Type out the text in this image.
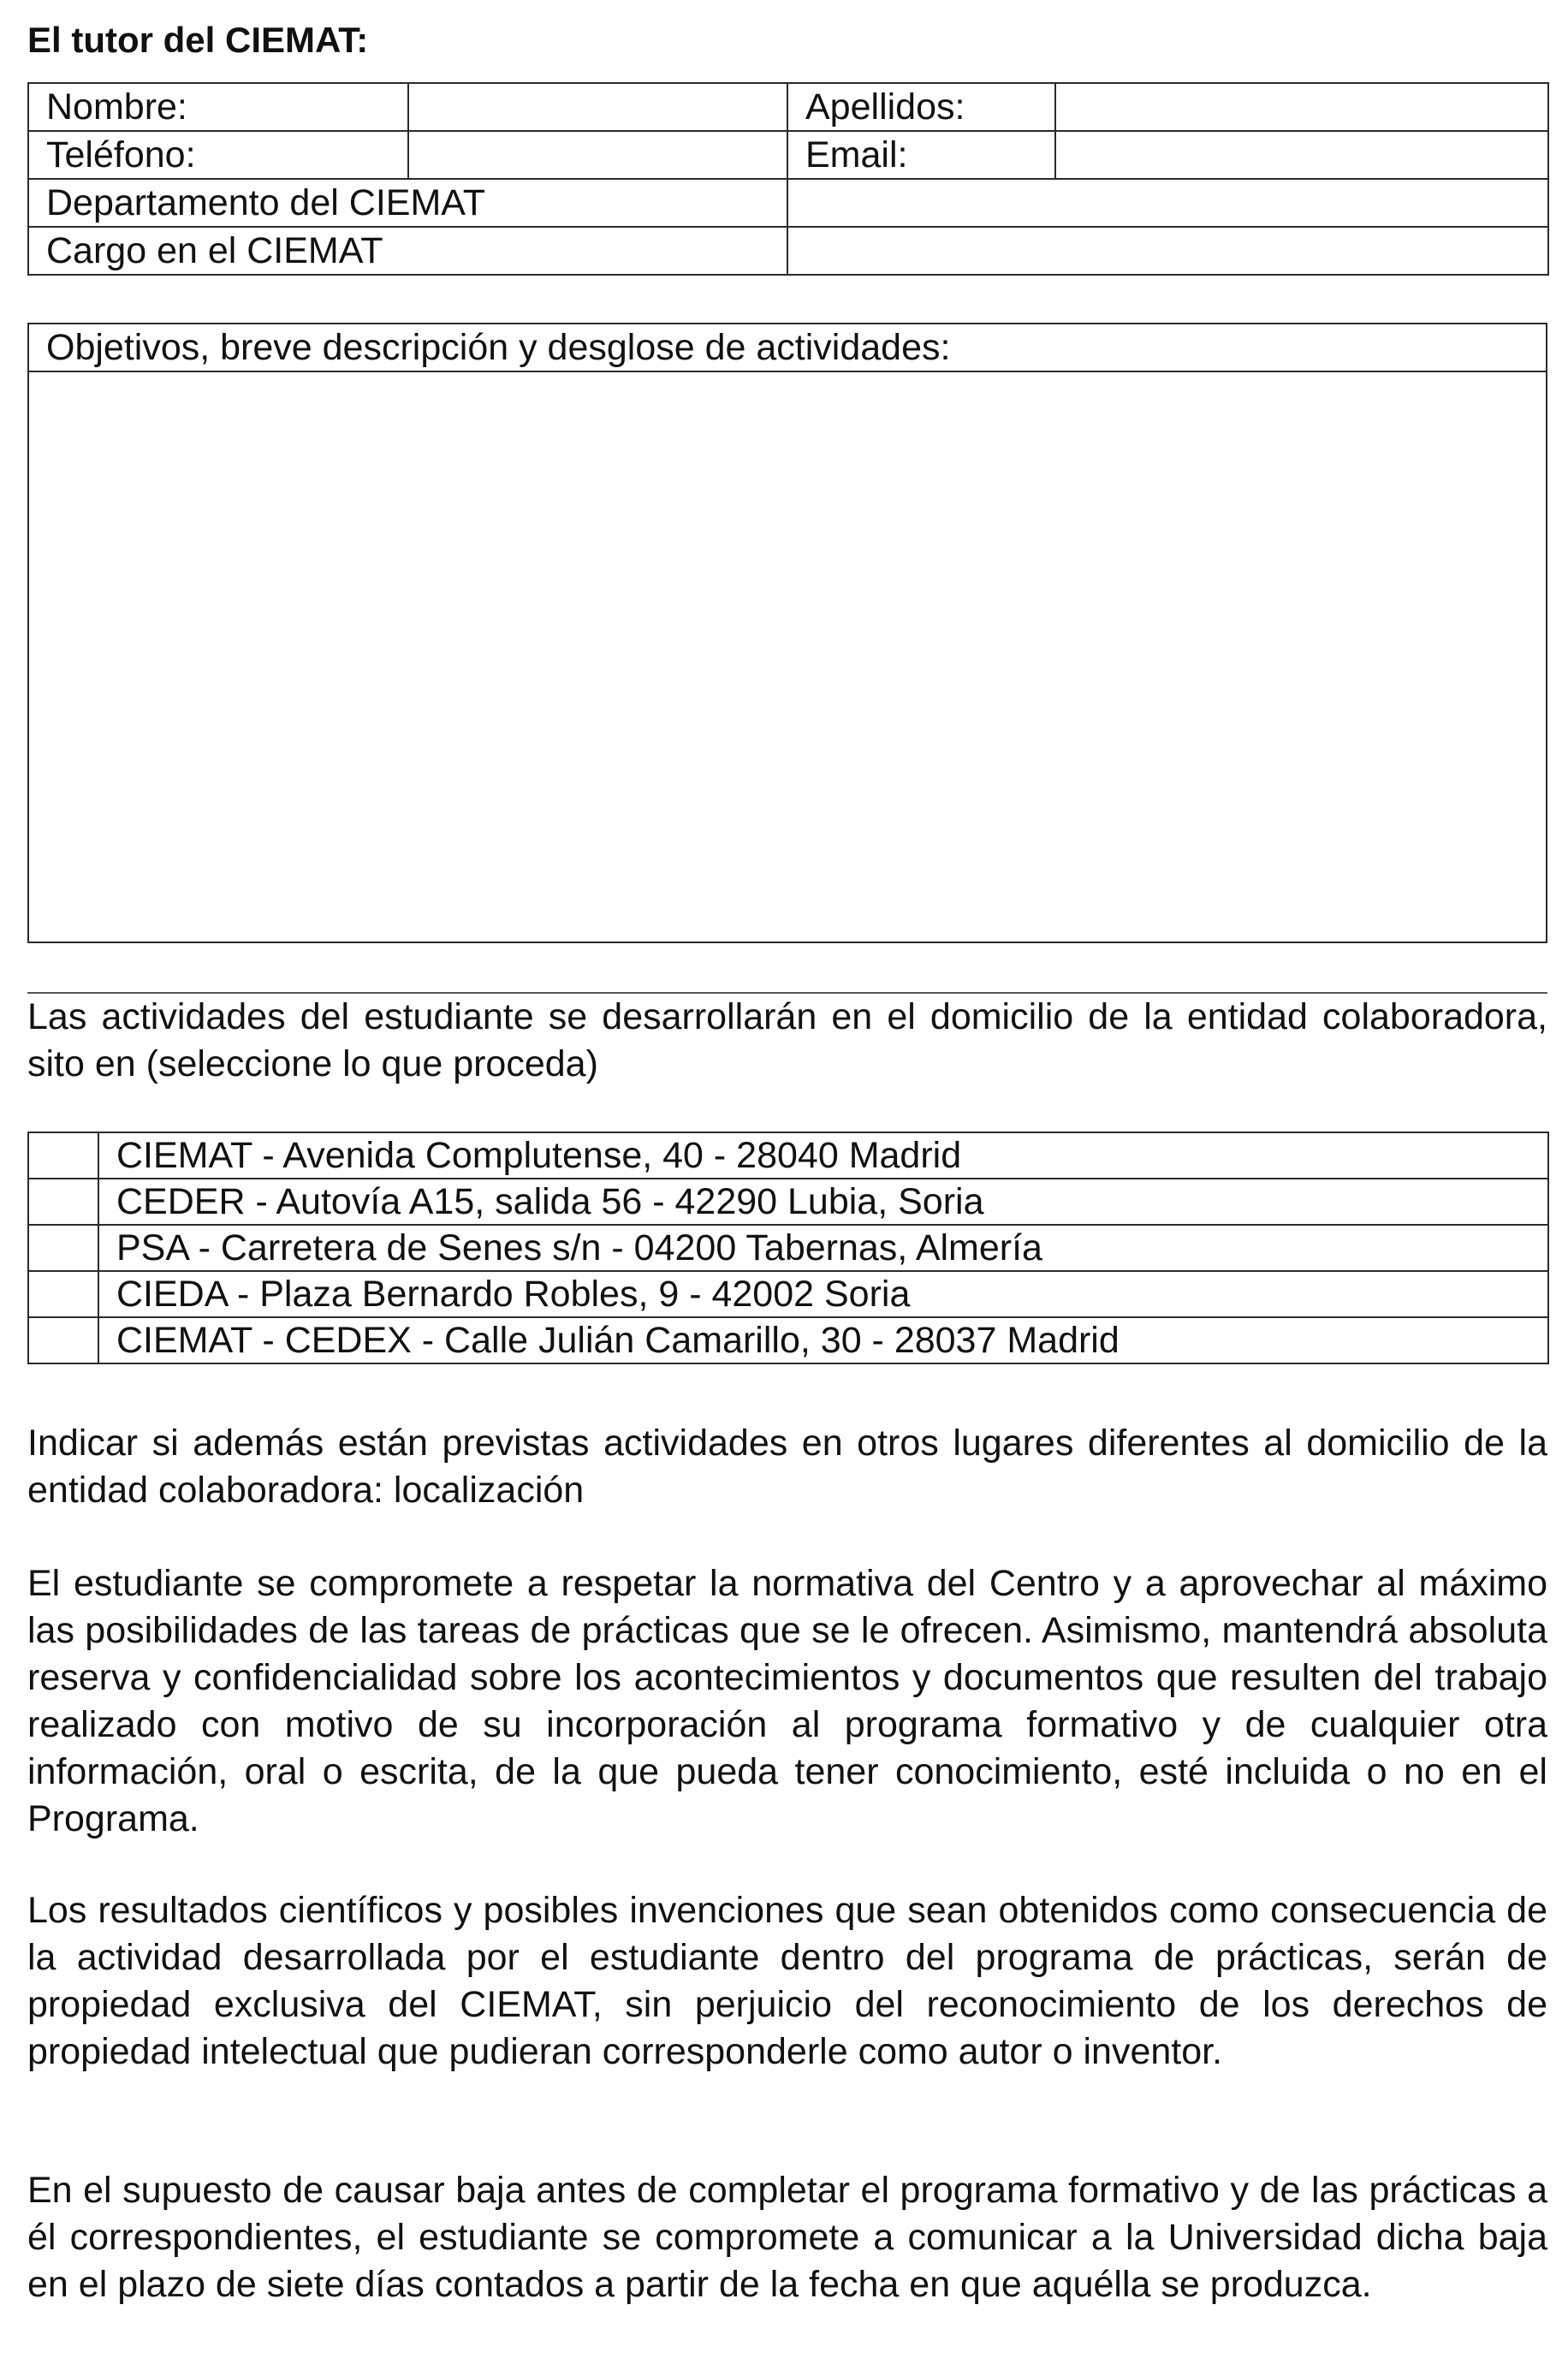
El tutor del CIEMAT:
Nombre:		Apellidos:	
Teléfono:		Email:	
Departamento del CIEMAT			
Cargo en el CIEMAT			
Objetivos, breve descripción y desglose de actividades:

Las actividades del estudiante se desarrollarán en el domicilio de la entidad colaboradora, sito en (seleccione lo que proceda)
	CIEMAT - Avenida Complutense, 40 - 28040 Madrid
	CEDER - Autovía A15, salida 56 - 42290 Lubia, Soria
	PSA - Carretera de Senes s/n - 04200 Tabernas, Almería
	CIEDA - Plaza Bernardo Robles, 9 - 42002 Soria
	CIEMAT - CEDEX - Calle Julián Camarillo, 30 - 28037 Madrid
Indicar si además están previstas actividades en otros lugares diferentes al domicilio de la entidad colaboradora: localización
El estudiante se compromete a respetar la normativa del Centro y a aprovechar al máximo las posibilidades de las tareas de prácticas que se le ofrecen. Asimismo, mantendrá absoluta reserva y confidencialidad sobre los acontecimientos y documentos que resulten del trabajo realizado con motivo de su incorporación al programa formativo y de cualquier otra información, oral o escrita, de la que pueda tener conocimiento, esté incluida o no en el Programa.
Los resultados científicos y posibles invenciones que sean obtenidos como consecuencia de la actividad desarrollada por el estudiante dentro del programa de prácticas, serán de propiedad exclusiva del CIEMAT, sin perjuicio del reconocimiento de los derechos de propiedad intelectual que pudieran corresponderle como autor o inventor.
En el supuesto de causar baja antes de completar el programa formativo y de las prácticas a él correspondientes, el estudiante se compromete a comunicar a la Universidad dicha baja en el plazo de siete días contados a partir de la fecha en que aquélla se produzca.
